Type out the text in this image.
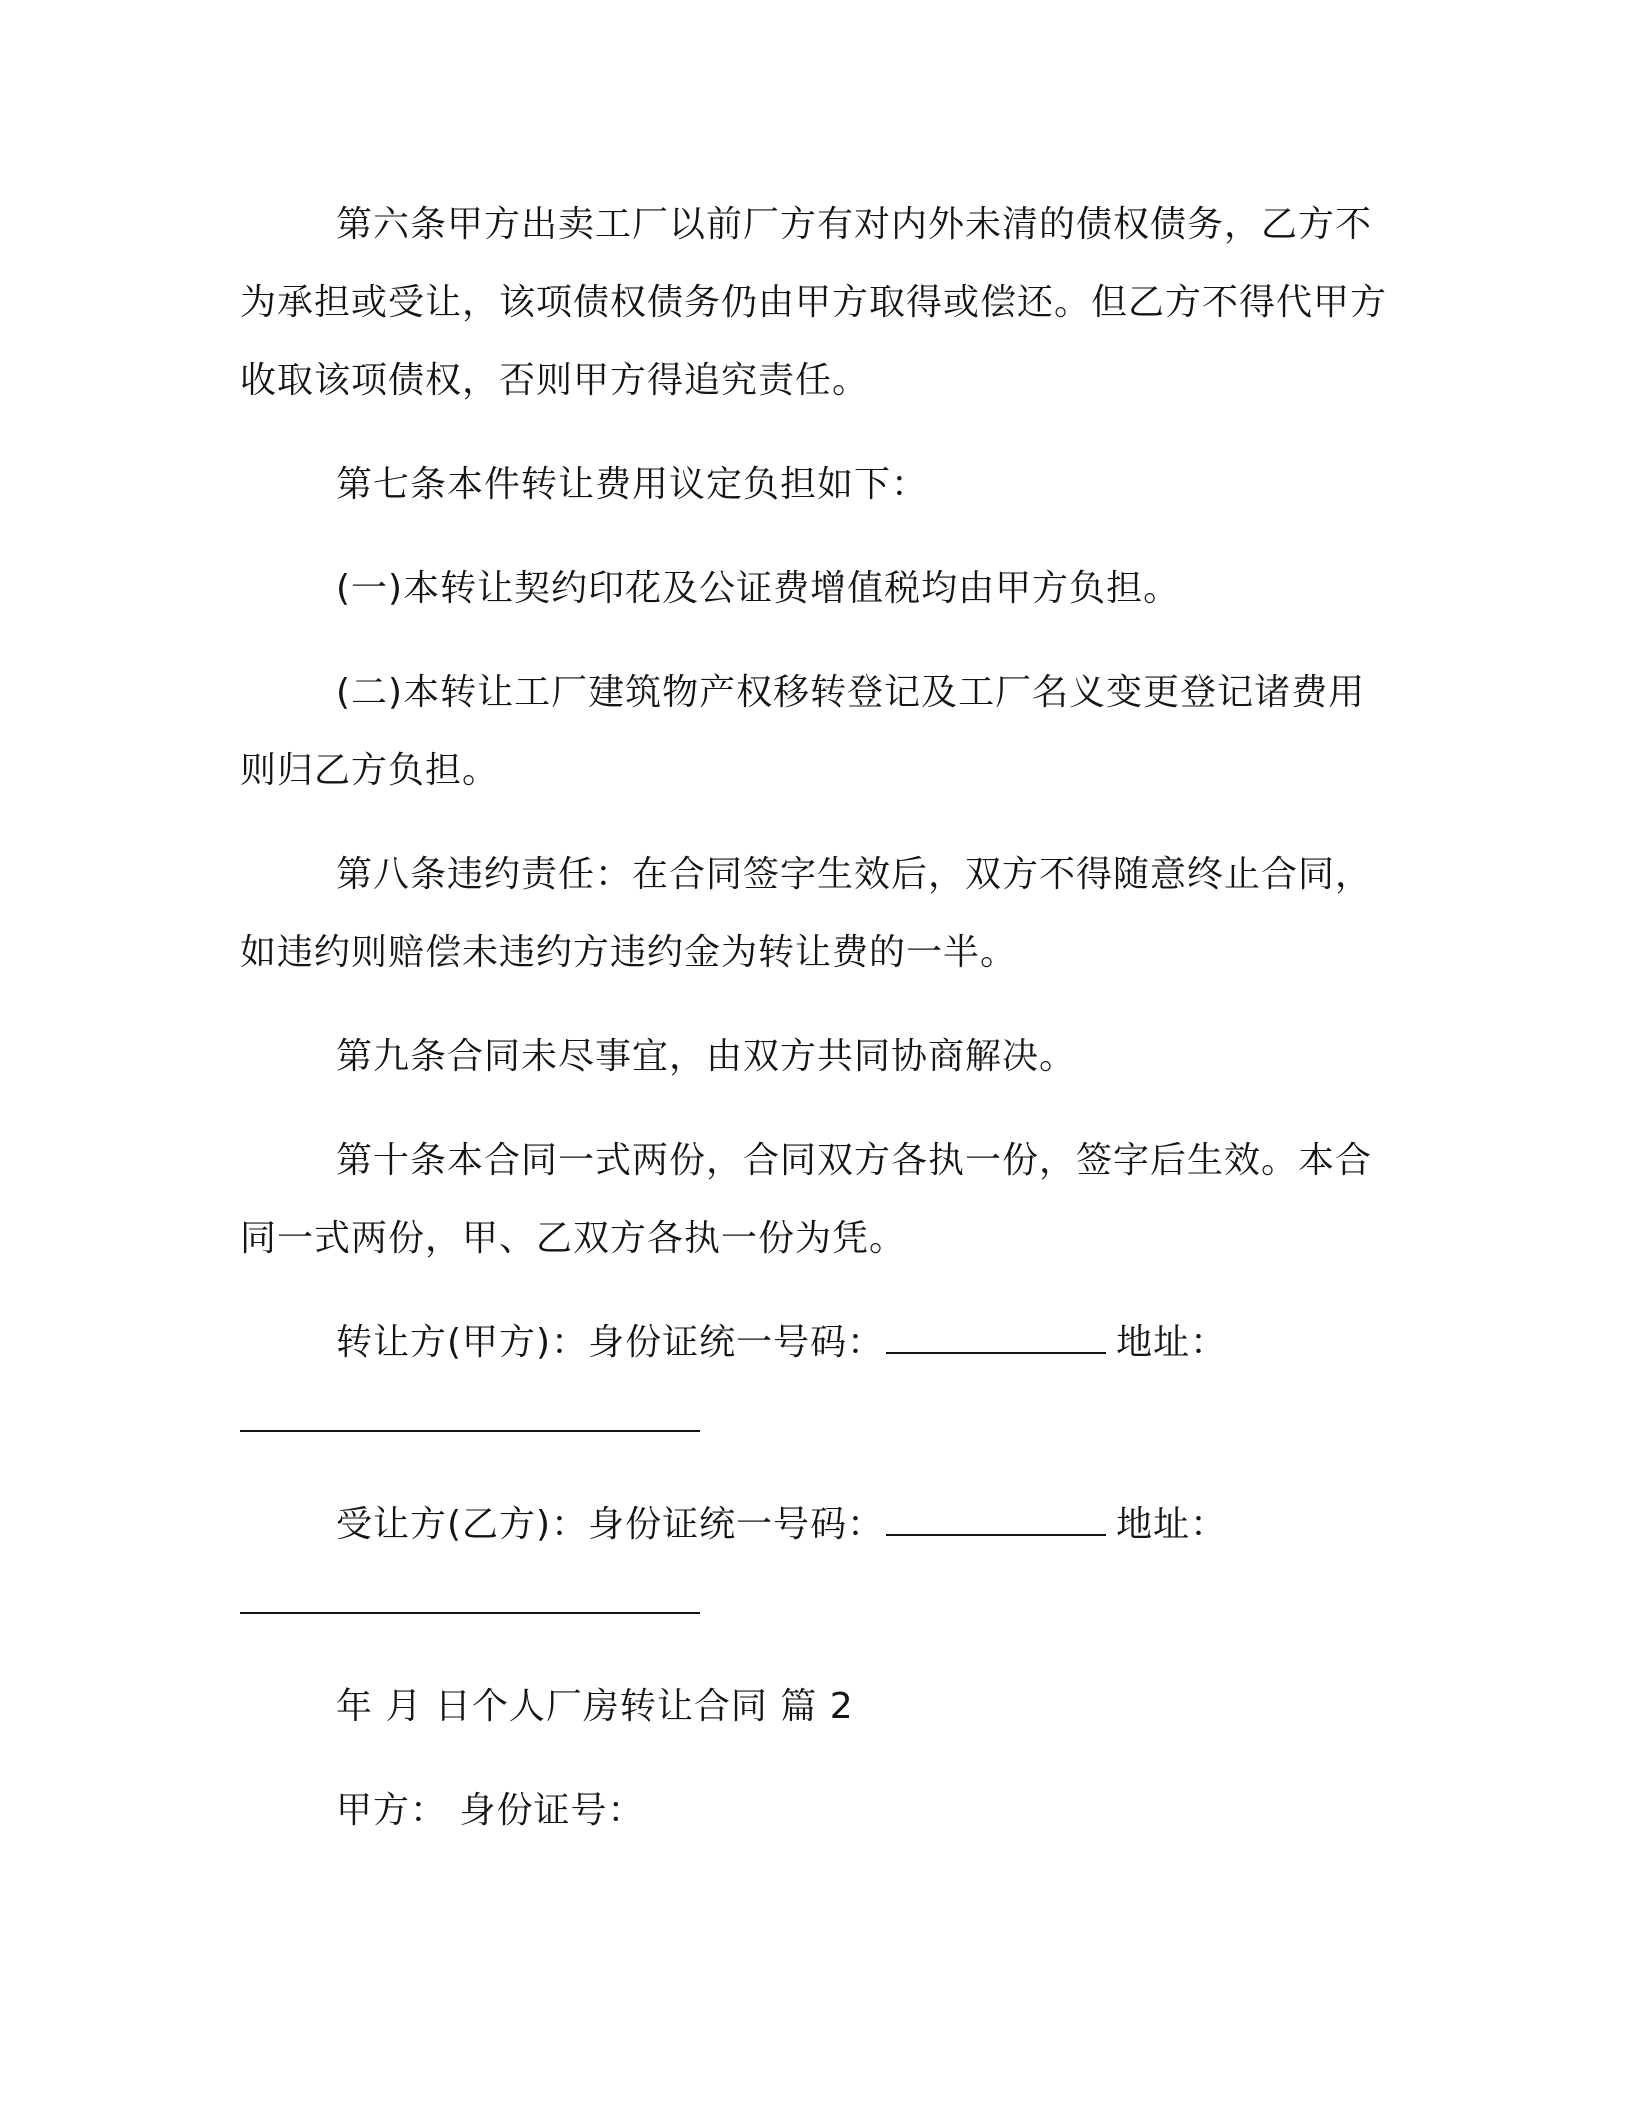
第六条甲方出卖工厂以前厂方有对内外未清的债权债务，乙方不为承担或受让，该项债权债务仍由甲方取得或偿还。但乙方不得代甲方收取该项债权，否则甲方得追究责任。

第七条本件转让费用议定负担如下：

(一)本转让契约印花及公证费增值税均由甲方负担。

(二)本转让工厂建筑物产权移转登记及工厂名义变更登记诸费用则归乙方负担。

第八条违约责任：在合同签字生效后，双方不得随意终止合同，如违约则赔偿未违约方违约金为转让费的一半。

第九条合同未尽事宜，由双方共同协商解决。

第十条本合同一式两份，合同双方各执一份，签字后生效。本合同一式两份，甲、乙双方各执一份为凭。

转让方(甲方)：身份证统一号码：	地址：
受让方(乙方)：身份证统一号码：	地址：

年 月 日个人厂房转让合同 篇 2

甲方： 身份证号：
